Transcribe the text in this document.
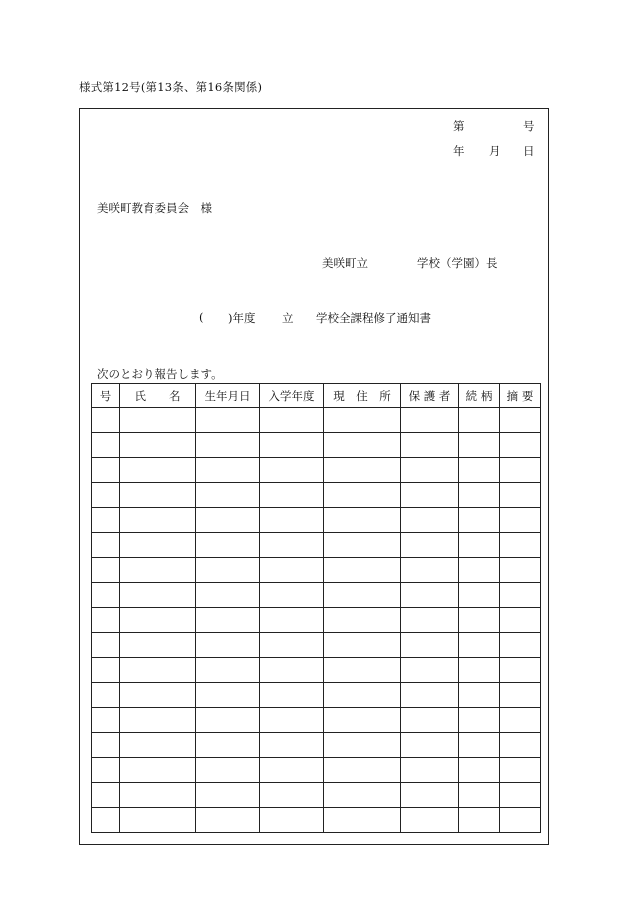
様式第12号(第13条、第16条関係)
第	号
年 月 日
美咲町教育委員会　様
美咲町立	学校（学園）長
( )年度 立 学校全課程修了通知書
次のとおり報告します。
号	氏　　名	生年月日	入学年度	現　住　所	保 護 者	続 柄	摘 要
